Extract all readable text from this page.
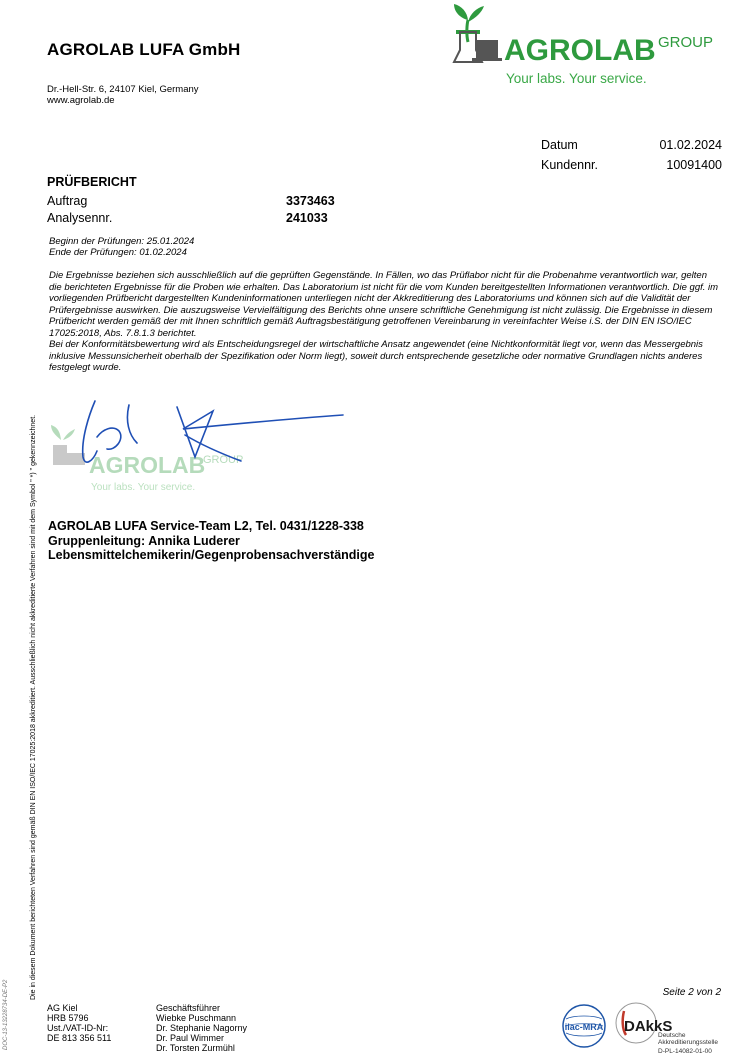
AGROLAB LUFA GmbH
Dr.-Hell-Str. 6, 24107 Kiel, Germany
www.agrolab.de
AGROLAB GROUP
Your labs. Your service.
Datum	01.02.2024
Kundennr.	10091400
PRÜFBERICHT
Auftrag	3373463
Analysennr.	241033
Beginn der Prüfungen: 25.01.2024
Ende der Prüfungen: 01.02.2024

Die Ergebnisse beziehen sich ausschließlich auf die geprüften Gegenstände. In Fällen, wo das Prüflabor nicht für die Probenahme verantwortlich war, gelten die berichteten Ergebnisse für die Proben wie erhalten. Das Laboratorium ist nicht für die vom Kunden bereitgestellten Informationen verantwortlich. Die ggf. im vorliegenden Prüfbericht dargestellten Kundeninformationen unterliegen nicht der Akkreditierung des Laboratoriums und können sich auf die Validität der Prüfergebnisse auswirken. Die auszugsweise Vervielfältigung des Berichts ohne unsere schriftliche Genehmigung ist nicht zulässig. Die Ergebnisse in diesem Prüfbericht werden gemäß der mit Ihnen schriftlich gemäß Auftragsbestätigung getroffenen Vereinbarung in vereinfachter Weise i.S. der DIN EN ISO/IEC 17025:2018, Abs. 7.8.1.3 berichtet.

Bei der Konformitätsbewertung wird als Entscheidungsregel der wirtschaftliche Ansatz angewendet (eine Nichtkonformität liegt vor, wenn das Messergebnis inklusive Messunsicherheit oberhalb der Spezifikation oder Norm liegt), soweit durch entsprechende gesetzliche oder normative Grundlagen nichts anderes festgelegt wurde.

AGROLAB
GROUP
Your labs. Your service.
AGROLAB LUFA Service-Team L2, Tel. 0431/1228-338
Gruppenleitung: Annika Luderer
Lebensmittelchemikerin/Gegenprobensachverständige
Die in diesem Dokument berichteten Verfahren sind gemäß DIN EN ISO/IEC 17025:2018 akkreditiert. Ausschließlich nicht akkreditierte Verfahren sind mit dem Symbol " *) " gekennzeichnet.
DOC-13-13228734-DE-P2	Seite 2 von 2
AG Kiel
HRB 5796
Ust./VAT-ID-Nr:
DE 813 356 511
Geschäftsführer
Wiebke Puschmann
Dr. Stephanie Nagorny
Dr. Paul Wimmer
Dr. Torsten Zurmühl
ilac-MRA DAkkS
Deutsche
Akkreditierungsstelle
D-PL-14082-01-00
